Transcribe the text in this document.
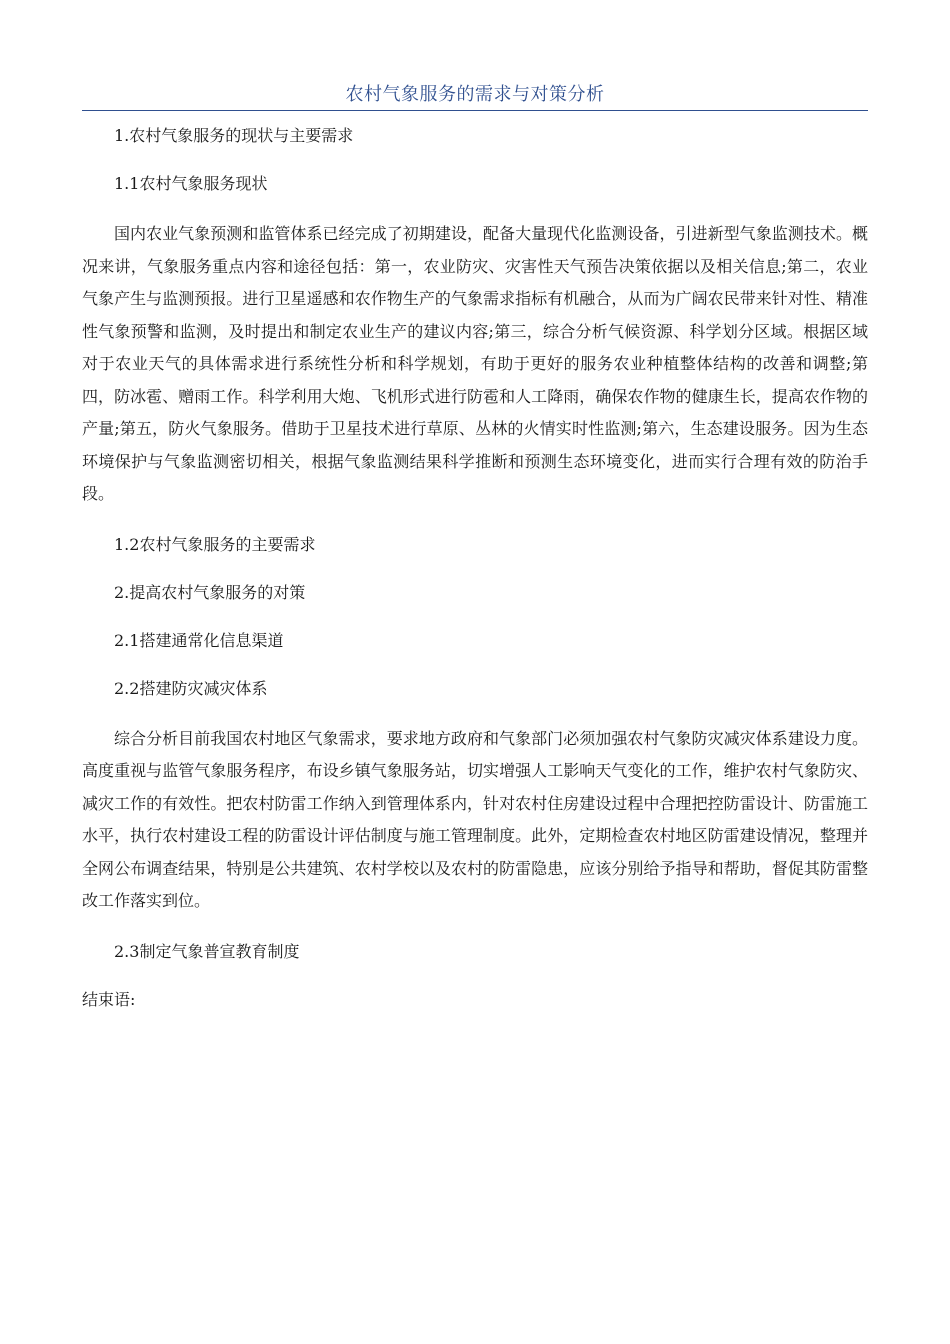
农村气象服务的需求与对策分析

1.农村气象服务的现状与主要需求

1.1农村气象服务现状

国内农业气象预测和监管体系已经完成了初期建设，配备大量现代化监测设备，引进新型气象监测技术。概况来讲，气象服务重点内容和途径包括：第一，农业防灾、灾害性天气预告决策依据以及相关信息;第二，农业气象产生与监测预报。进行卫星遥感和农作物生产的气象需求指标有机融合，从而为广阔农民带来针对性、精准性气象预警和监测，及时提出和制定农业生产的建议内容;第三，综合分析气候资源、科学划分区域。根据区域对于农业天气的具体需求进行系统性分析和科学规划，有助于更好的服务农业种植整体结构的改善和调整;第四，防冰雹、赠雨工作。科学利用大炮、飞机形式进行防雹和人工降雨，确保农作物的健康生长，提高农作物的产量;第五，防火气象服务。借助于卫星技术进行草原、丛林的火情实时性监测;第六，生态建设服务。因为生态环境保护与气象监测密切相关，根据气象监测结果科学推断和预测生态环境变化，进而实行合理有效的防治手段。

1.2农村气象服务的主要需求

2.提高农村气象服务的对策

2.1搭建通常化信息渠道

2.2搭建防灾减灾体系

综合分析目前我国农村地区气象需求，要求地方政府和气象部门必须加强农村气象防灾减灾体系建设力度。高度重视与监管气象服务程序，布设乡镇气象服务站，切实增强人工影响天气变化的工作，维护农村气象防灾、减灾工作的有效性。把农村防雷工作纳入到管理体系内，针对农村住房建设过程中合理把控防雷设计、防雷施工水平，执行农村建设工程的防雷设计评估制度与施工管理制度。此外，定期检查农村地区防雷建设情况，整理并全网公布调查结果，特别是公共建筑、农村学校以及农村的防雷隐患，应该分别给予指导和帮助，督促其防雷整改工作落实到位。

2.3制定气象普宣教育制度

结束语:
